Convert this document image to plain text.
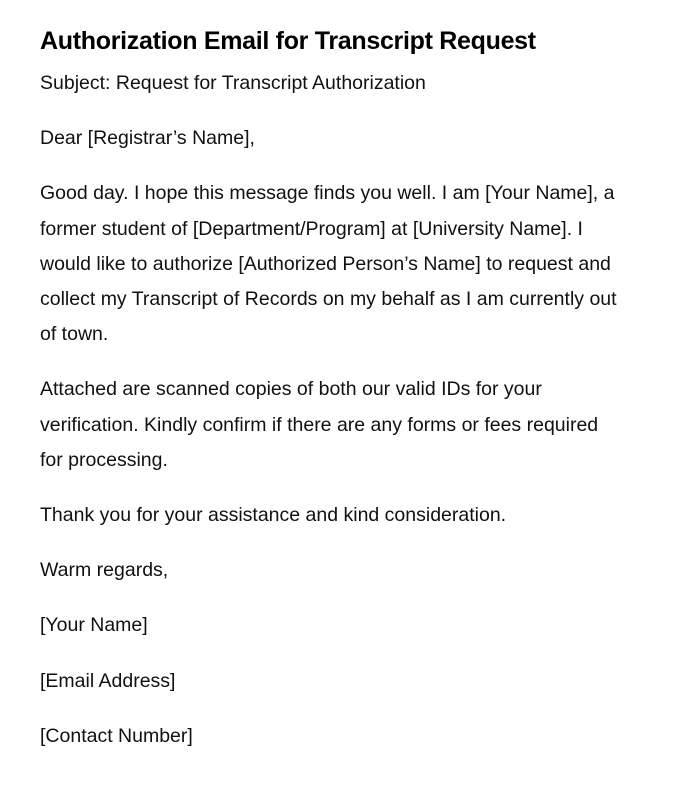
Authorization Email for Transcript Request

Subject: Request for Transcript Authorization

Dear [Registrar’s Name],

Good day. I hope this message finds you well. I am [Your Name], a former student of [Department/Program] at [University Name]. I would like to authorize [Authorized Person’s Name] to request and collect my Transcript of Records on my behalf as I am currently out of town.

Attached are scanned copies of both our valid IDs for your verification. Kindly confirm if there are any forms or fees required for processing.

Thank you for your assistance and kind consideration.

Warm regards,

[Your Name]

[Email Address]

[Contact Number]
